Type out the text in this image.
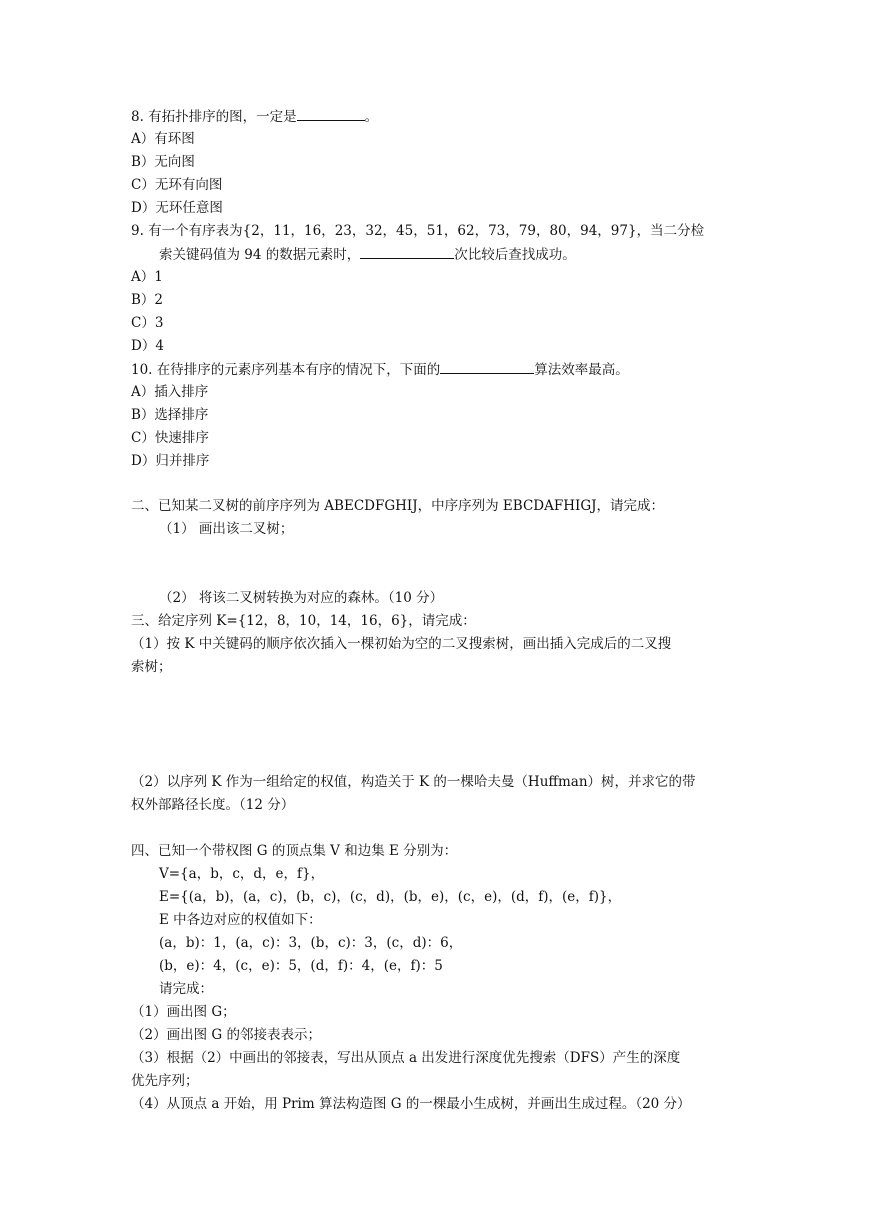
8. 有拓扑排序的图，一定是	。

A）有环图

B）无向图

C）无环有向图

D）无环任意图

9. 有一个有序表为{2，11，16，23，32，45，51，62，73，79，80，94，97}，当二分检

索关键码值为 94 的数据元素时，	次比较后查找成功。

A）1

B）2

C）3

D）4

10. 在待排序的元素序列基本有序的情况下，下面的	算法效率最高。

A）插入排序

B）选择排序

C）快速排序

D）归并排序

二、已知某二叉树的前序序列为 ABECDFGHIJ，中序序列为 EBCDAFHIGJ，请完成：

（1） 画出该二叉树；

（2） 将该二叉树转换为对应的森林。（10 分）

三、给定序列 K={12，8，10，14，16，6}，请完成：

（1）按 K 中关键码的顺序依次插入一棵初始为空的二叉搜索树，画出插入完成后的二叉搜

索树；

（2）以序列 K 作为一组给定的权值，构造关于 K 的一棵哈夫曼（Huffman）树，并求它的带

权外部路径长度。（12 分）

四、已知一个带权图 G 的顶点集 V 和边集 E 分别为：

V={a，b，c，d，e，f}，

E={(a，b)，(a，c)，(b，c)，(c，d)，(b，e)，(c，e)，(d，f)，(e，f)}，

E 中各边对应的权值如下：

(a，b)：1，(a，c)：3，(b，c)：3，(c，d)：6，

(b，e)：4，(c，e)：5，(d，f)：4，(e，f)：5

请完成：

（1）画出图 G；

（2）画出图 G 的邻接表表示；

（3）根据（2）中画出的邻接表，写出从顶点 a 出发进行深度优先搜索（DFS）产生的深度

优先序列；

（4）从顶点 a 开始，用 Prim 算法构造图 G 的一棵最小生成树，并画出生成过程。（20 分）
